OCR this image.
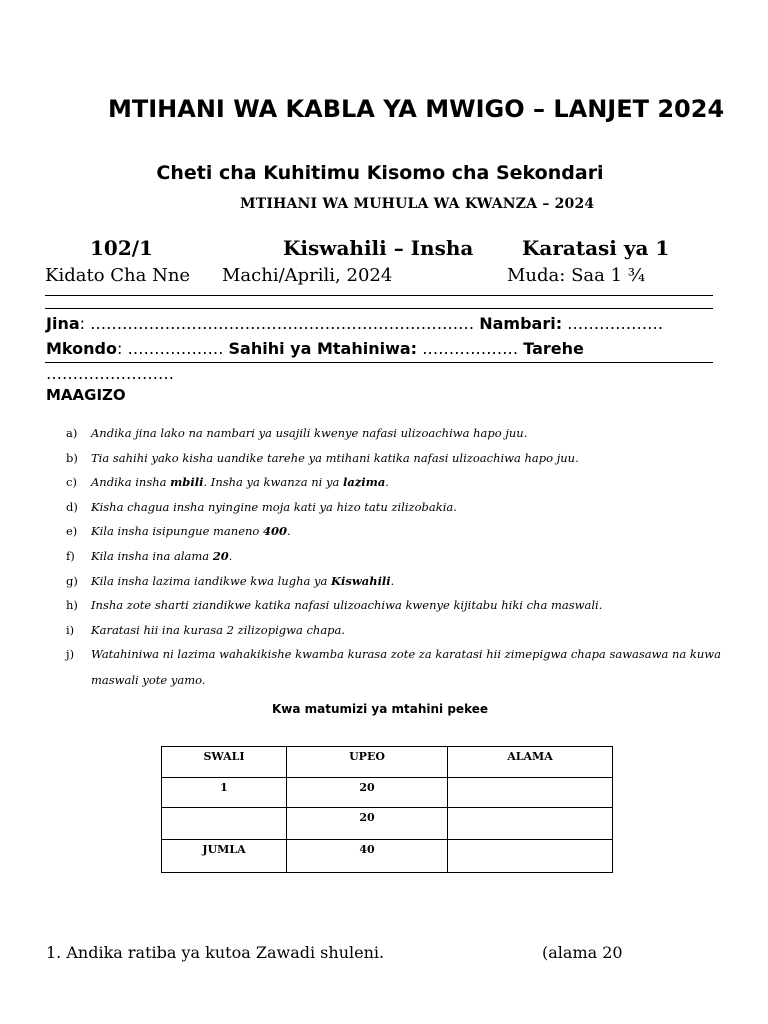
MTIHANI WA KABLA YA MWIGO – LANJET 2024
Cheti cha Kuhitimu Kisomo cha Sekondari
MTIHANI WA MUHULA WA KWANZA – 2024
102/1	Kiswahili – Insha Karatasi ya 1
Kidato Cha Nne Machi/Aprili, 2024	Muda: Saa 1 ¾
Jina: ……………………………………………………………… Nambari: ………………
Mkondo: ……………… Sahihi ya Mtahiniwa: ……………… Tarehe
……………………
MAAGIZO
a) Andika jina lako na nambari ya usajili kwenye nafasi ulizoachiwa hapo juu.
b) Tia sahihi yako kisha uandike tarehe ya mtihani katika nafasi ulizoachiwa hapo juu.
c) Andika insha mbili. Insha ya kwanza ni ya lazima.
d) Kisha chagua insha nyingine moja kati ya hizo tatu zilizobakia.
e) Kila insha isipungue maneno 400.
f) Kila insha ina alama 20.
g) Kila insha lazima iandikwe kwa lugha ya Kiswahili.
h) Insha zote sharti ziandikwe katika nafasi ulizoachiwa kwenye kijitabu hiki cha maswali.
i) Karatasi hii ina kurasa 2 zilizopigwa chapa.
j) Watahiniwa ni lazima wahakikishe kwamba kurasa zote za karatasi hii zimepigwa chapa sawasawa na kuwa maswali yote yamo.
Kwa matumizi ya mtahini pekee
SWALI	UPEO	ALAMA
1	20	
	20	
JUMLA	40	
1. Andika ratiba ya kutoa Zawadi shuleni.	(alama 20
